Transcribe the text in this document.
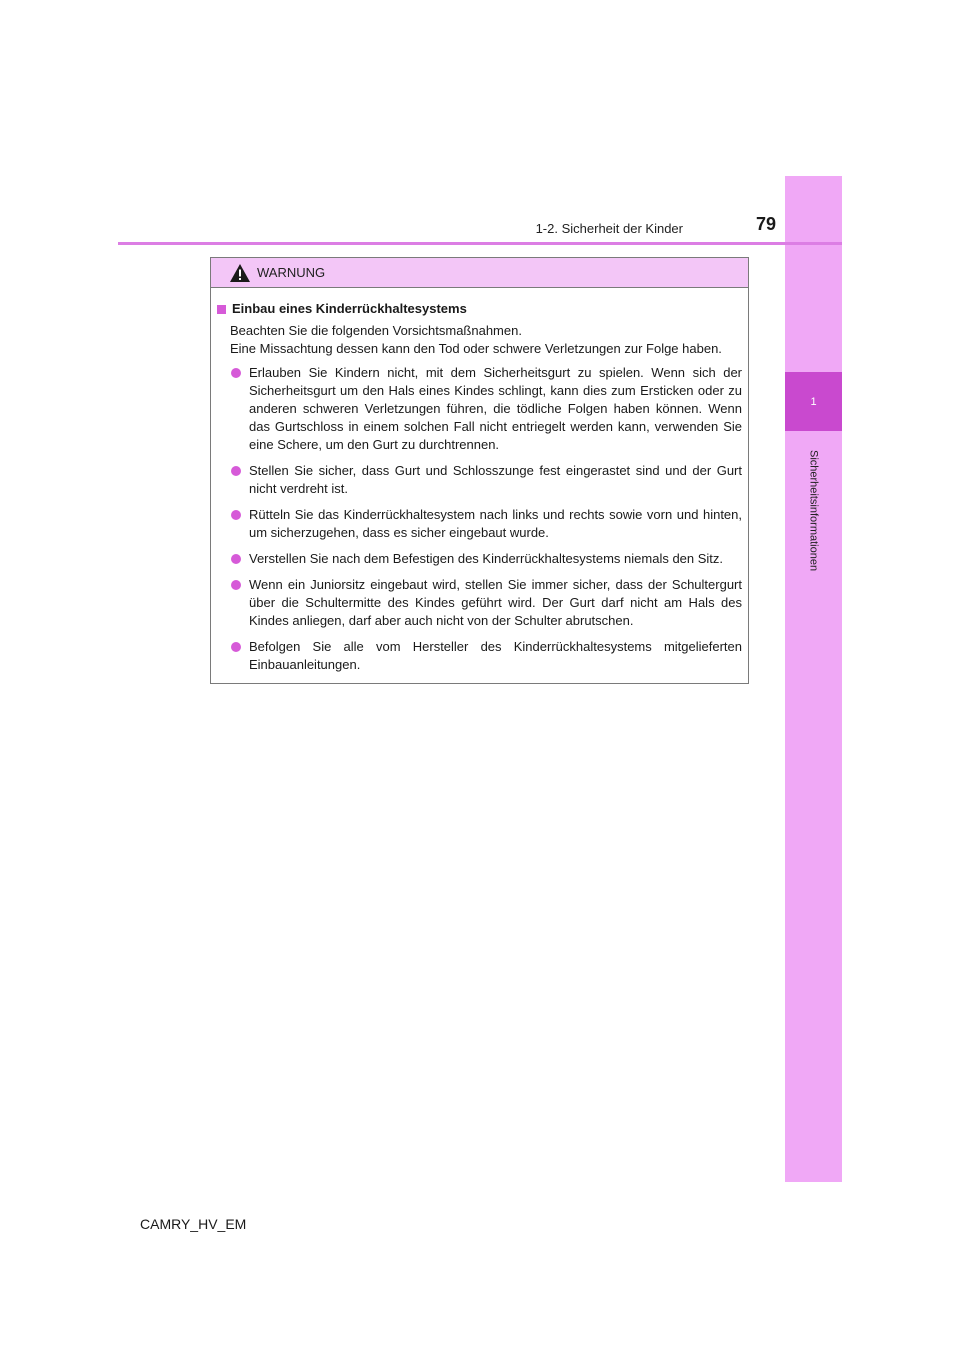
1
Sicherheitsinformationen
1-2. Sicherheit der Kinder	79
WARNUNG
Einbau eines Kinderrückhaltesystems
Beachten Sie die folgenden Vorsichtsmaßnahmen.
Eine Missachtung dessen kann den Tod oder schwere Verletzungen zur Folge haben.
Erlauben Sie Kindern nicht, mit dem Sicherheitsgurt zu spielen. Wenn sich der Sicherheitsgurt um den Hals eines Kindes schlingt, kann dies zum Ersticken oder zu anderen schweren Verletzungen führen, die tödliche Folgen haben können. Wenn das Gurtschloss in einem solchen Fall nicht entriegelt werden kann, verwenden Sie eine Schere, um den Gurt zu durchtrennen.
Stellen Sie sicher, dass Gurt und Schlosszunge fest eingerastet sind und der Gurt nicht verdreht ist.
Rütteln Sie das Kinderrückhaltesystem nach links und rechts sowie vorn und hinten, um sicherzugehen, dass es sicher eingebaut wurde.
Verstellen Sie nach dem Befestigen des Kinderrückhaltesystems niemals den Sitz.
Wenn ein Juniorsitz eingebaut wird, stellen Sie immer sicher, dass der Schultergurt über die Schultermitte des Kindes geführt wird. Der Gurt darf nicht am Hals des Kindes anliegen, darf aber auch nicht von der Schulter abrutschen.
Befolgen Sie alle vom Hersteller des Kinderrückhaltesystems mitgelieferten Einbauanleitungen.
CAMRY_HV_EM
